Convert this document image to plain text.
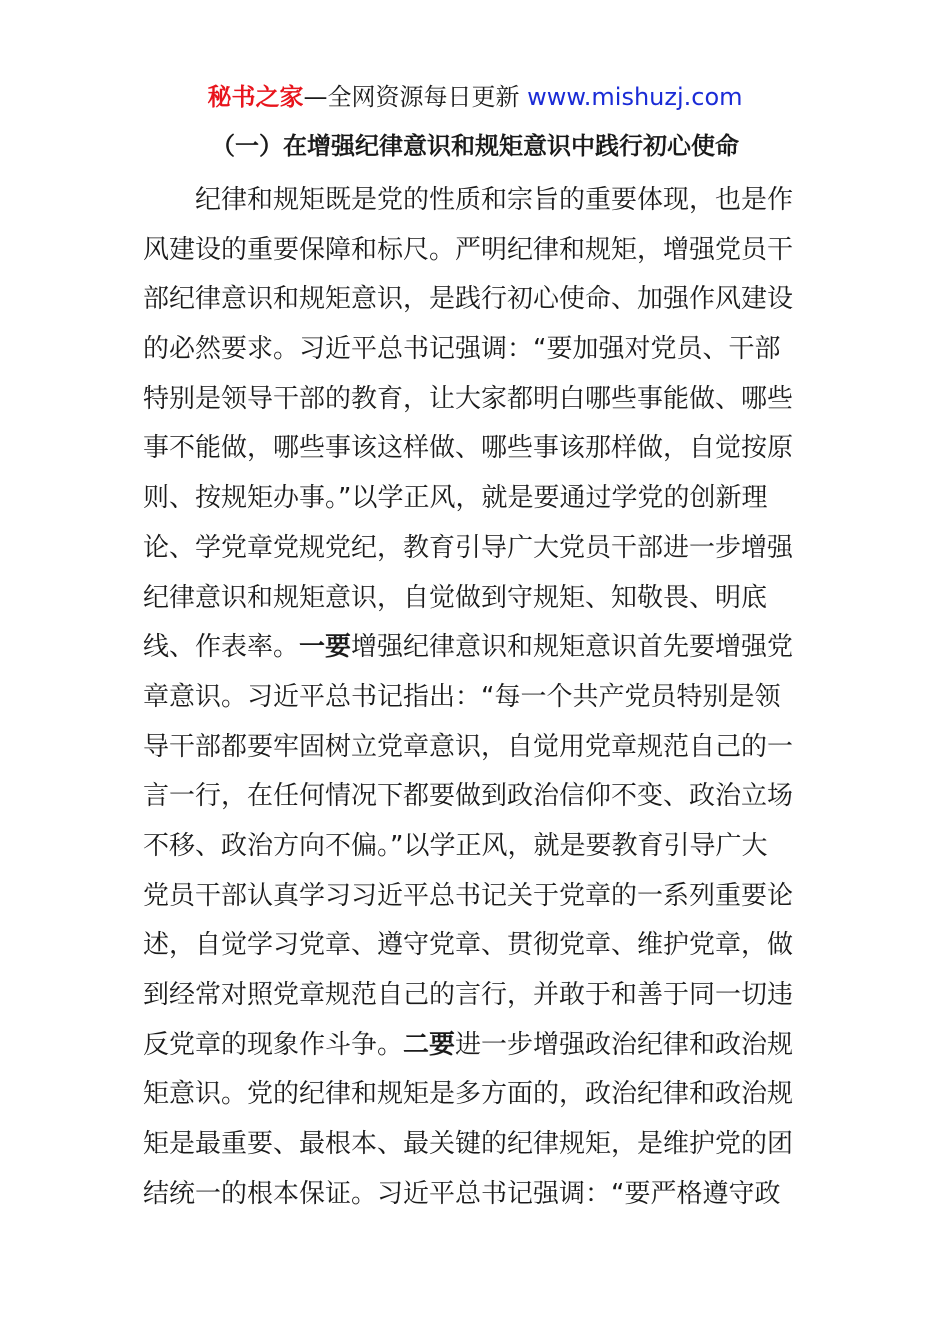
秘书之家—全网资源每日更新 www.mishuzj.com
（一）在增强纪律意识和规矩意识中践行初心使命
纪律和规矩既是党的性质和宗旨的重要体现，也是作
风建设的重要保障和标尺。严明纪律和规矩，增强党员干
部纪律意识和规矩意识，是践行初心使命、加强作风建设
的必然要求。习近平总书记强调：“要加强对党员、干部
特别是领导干部的教育，让大家都明白哪些事能做、哪些
事不能做，哪些事该这样做、哪些事该那样做，自觉按原
则、按规矩办事。”以学正风，就是要通过学党的创新理
论、学党章党规党纪，教育引导广大党员干部进一步增强
纪律意识和规矩意识，自觉做到守规矩、知敬畏、明底
线、作表率。一要增强纪律意识和规矩意识首先要增强党
章意识。习近平总书记指出：“每一个共产党员特别是领
导干部都要牢固树立党章意识，自觉用党章规范自己的一
言一行，在任何情况下都要做到政治信仰不变、政治立场
不移、政治方向不偏。”以学正风，就是要教育引导广大
党员干部认真学习习近平总书记关于党章的一系列重要论
述，自觉学习党章、遵守党章、贯彻党章、维护党章，做
到经常对照党章规范自己的言行，并敢于和善于同一切违
反党章的现象作斗争。二要进一步增强政治纪律和政治规
矩意识。党的纪律和规矩是多方面的，政治纪律和政治规
矩是最重要、最根本、最关键的纪律规矩，是维护党的团
结统一的根本保证。习近平总书记强调：“要严格遵守政
